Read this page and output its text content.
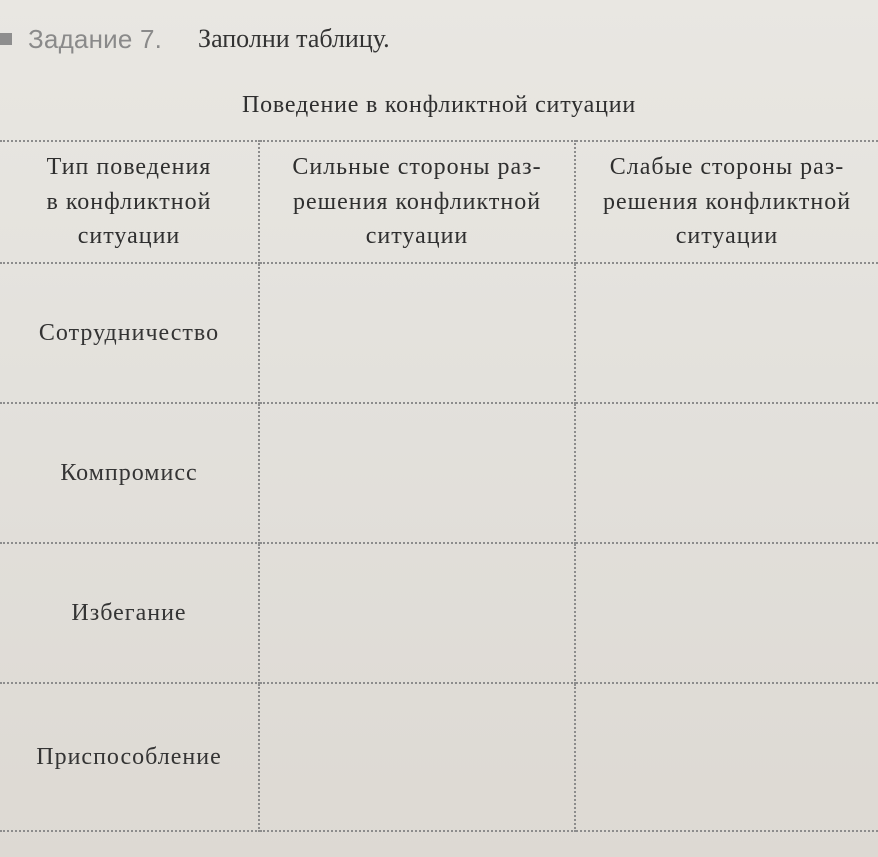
Задание 7. Заполни таблицу.
Поведение в конфликтной ситуации
Тип поведения
в конфликтной
ситуации
Сильные стороны раз-
решения конфликтной
ситуации
Слабые стороны раз-
решения конфликтной
ситуации
Сотрудничество
Компромисс
Избегание
Приспособление
